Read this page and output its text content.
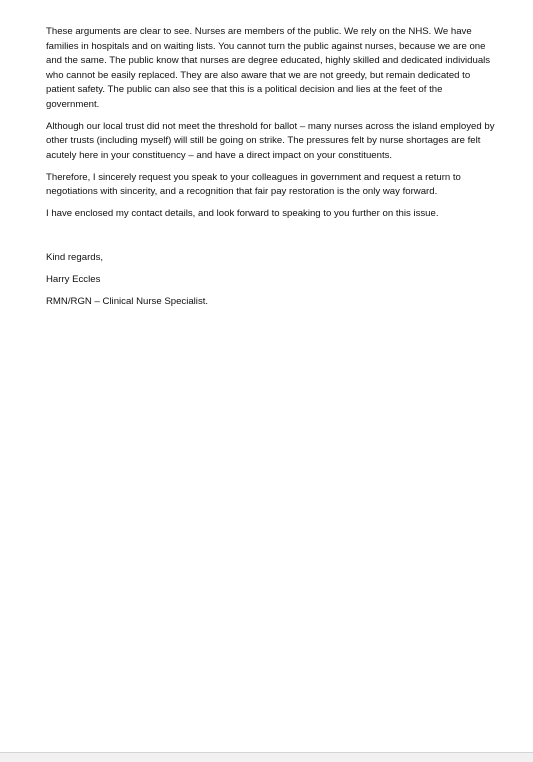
These arguments are clear to see. Nurses are members of the public. We rely on the NHS. We have families in hospitals and on waiting lists. You cannot turn the public against nurses, because we are one and the same. The public know that nurses are degree educated, highly skilled and dedicated individuals who cannot be easily replaced. They are also aware that we are not greedy, but remain dedicated to patient safety. The public can also see that this is a political decision and lies at the feet of the government.

Although our local trust did not meet the threshold for ballot – many nurses across the island employed by other trusts (including myself) will still be going on strike. The pressures felt by nurse shortages are felt acutely here in your constituency – and have a direct impact on your constituents.

Therefore, I sincerely request you speak to your colleagues in government and request a return to negotiations with sincerity, and a recognition that fair pay restoration is the only way forward.

I have enclosed my contact details, and look forward to speaking to you further on this issue.

Kind regards,

Harry Eccles

RMN/RGN – Clinical Nurse Specialist.
